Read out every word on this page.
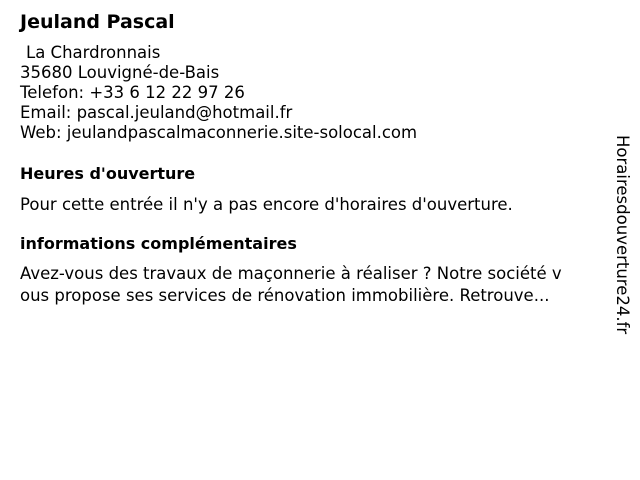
Jeuland Pascal
La Chardronnais
35680 Louvigné-de-Bais
Telefon: +33 6 12 22 97 26
Email: pascal.jeuland@hotmail.fr
Web: jeulandpascalmaconnerie.site-solocal.com
Heures d'ouverture
Pour cette entrée il n'y a pas encore d'horaires d'ouverture.
informations complémentaires
Avez-vous des travaux de maçonnerie à réaliser ? Notre société v
ous propose ses services de rénovation immobilière. Retrouve...	Horairesdouverture24.fr
